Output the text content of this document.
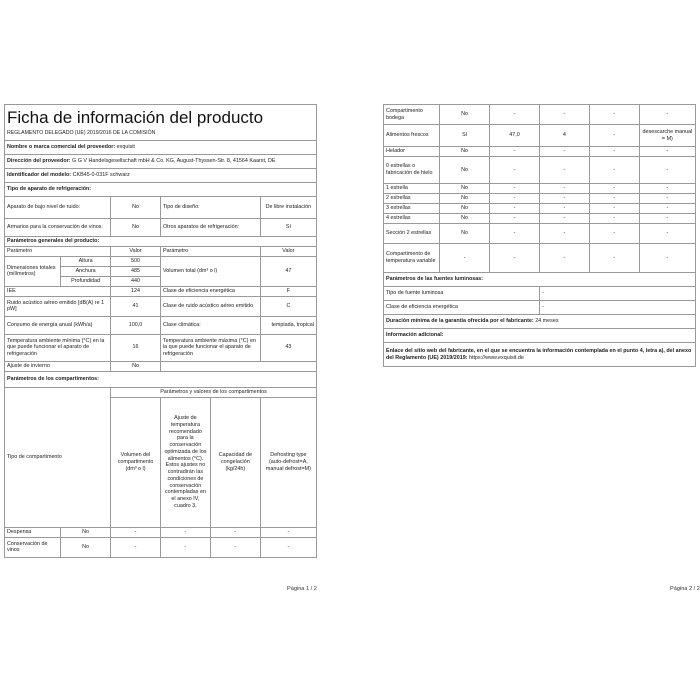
Ficha de información del producto					
REGLAMENTO DELEGADO (UE) 2019/2016 DE LA COMISIÓN					
Nombre o marca comercial del proveedor: exquisit					
Dirección del proveedor: G G V Handelsgesellschaft mbH & Co. KG, August-Thyssen-Str. 8, 41564 Kaarst, DE					
Identificador del modelo: CKB45-0-031F schwarz					
Tipo de aparato de refrigeración:					
Aparato de bajo nivel de ruido:		No	Tipo de diseño:		De libre instalación
Armarios para la conservación de vinos:		No	Otros aparatos de refrigeración:		Sí
Parámetros generales del producto:					
Parámetro		Valor	Parámetro		Valor
Dimensiones totales (milímetros)	Altura	500	Volumen total (dm³ o l)		47
	Anchura	485			
	Profundidad	440			
IEE		124	Clase de eficiencia energética		F
Ruido acústico aéreo emitido [dB(A) re 1 pW]		41	Clase de ruido acústico aéreo emitido		C
Consumo de energía anual (kWh/a)		100,0	Clase climática:		templada, tropical
Temperatura ambiente mínima (°C) en la que puede funcionar el aparato de refrigeración		16	Temperatura ambiente máxima (°C) en la que puede funcionar el aparato de refrigeración		43
Ajuste de invierno		No			
Parámetros de los compartimentos:					
Tipo de compartimento		Parámetros y valores de los compartimentos			
		Volumen del compartimento (dm³ o l)	Ajuste de temperatura recomendado para la conservación optimizada de los alimentos (°C). Estos ajustes no contradirán las condiciones de conservación contempladas en el anexo IV, cuadro 3.	Capacidad de congelación (kg/24h)	Defrosting type (auto-defrost=A, manual defrost=M)
Despensa	No	-	-	-	-
Conservación de vinos	No	-	-	-	-
Página 1 / 2
Compartimento bodega	No	-	-	-	-
Alimentos frescos	Sí	47,0	4	-	desescarche manual = M)
Helador	No	-	-	-	-
0 estrellas o fabricación de hielo	No	-	-	-	-
1 estrella	No	-	-	-	-
2 estrellas	No	-	-	-	-
3 estrellas	No	-	-	-	-
4 estrellas	No	-	-	-	-
Sección 2 estrellas	No	-	-	-	-
Compartimento de temperatura variable	-	-	-	-	-
Parámetros de las fuentes luminosas:					
Tipo de fuente luminosa			-		
Clase de eficiencia energética			-		
Duración mínima de la garantía ofrecida por el fabricante: 24 meses					
Información adicional:					
Enlace del sitio web del fabricante, en el que se encuentra la información contemplada en el punto 4, letra a), del anexo del Reglamento (UE) 2019/2019: https://www.exquisit.de					
Página 2 / 2
